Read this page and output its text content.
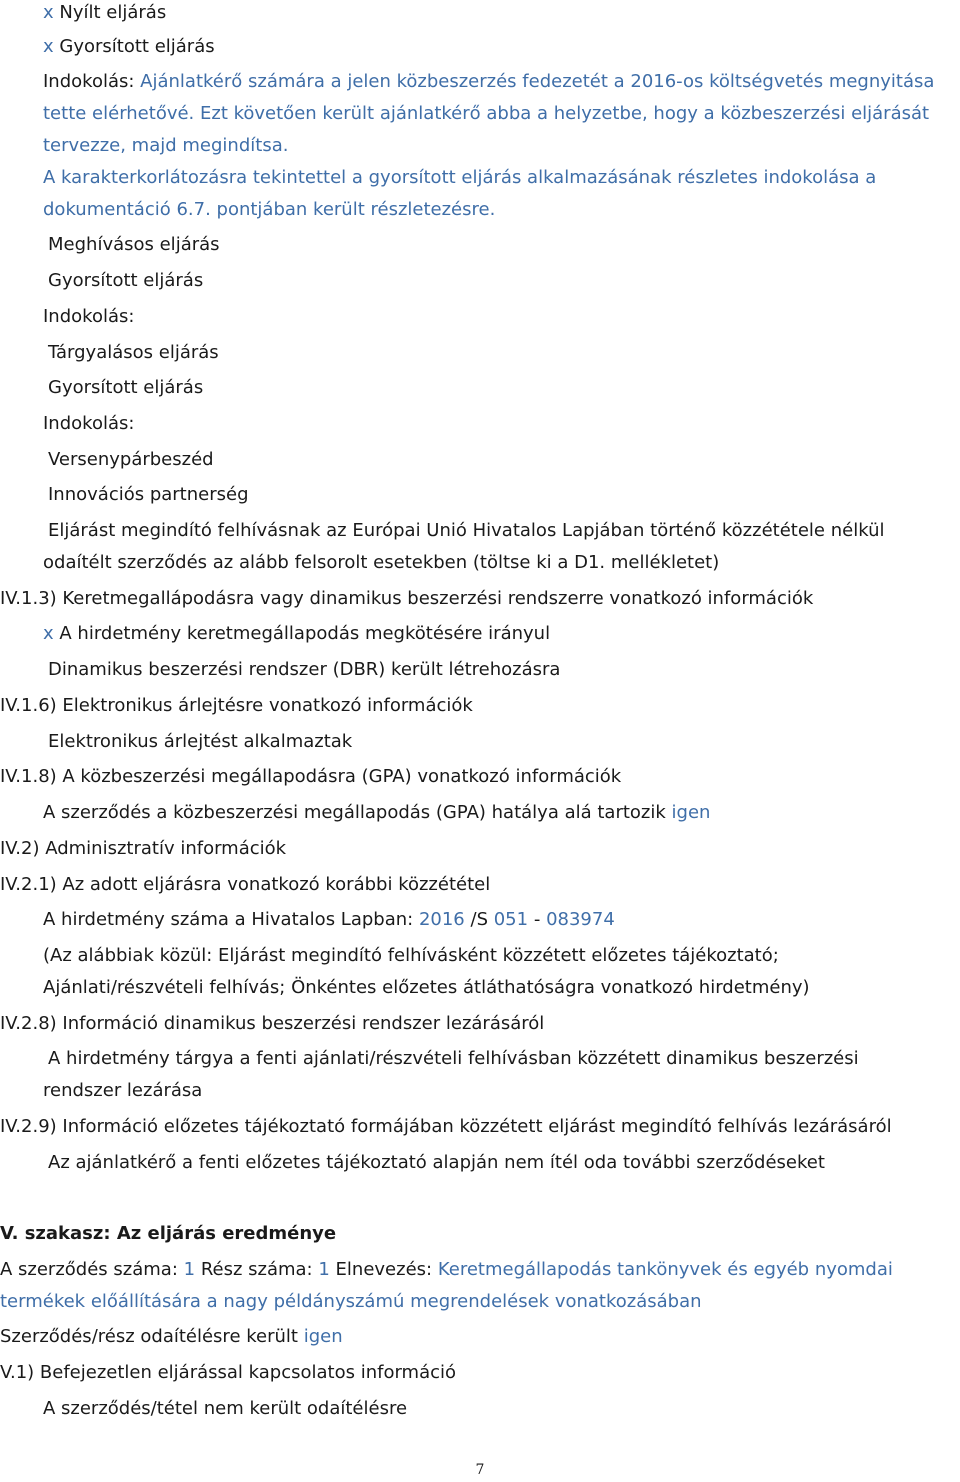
x Nyílt eljárás
x Gyorsított eljárás
Indokolás: Ajánlatkérő számára a jelen közbeszerzés fedezetét a 2016-os költségvetés megnyitása
tette elérhetővé. Ezt követően került ajánlatkérő abba a helyzetbe, hogy a közbeszerzési eljárását
tervezze, majd megindítsa.
A karakterkorlátozásra tekintettel a gyorsított eljárás alkalmazásának részletes indokolása a
dokumentáció 6.7. pontjában került részletezésre.
Meghívásos eljárás
Gyorsított eljárás
Indokolás:
Tárgyalásos eljárás
Gyorsított eljárás
Indokolás:
Versenypárbeszéd
Innovációs partnerség
Eljárást megindító felhívásnak az Európai Unió Hivatalos Lapjában történő közzététele nélkül
odaítélt szerződés az alább felsorolt esetekben (töltse ki a D1. mellékletet)
IV.1.3) Keretmegallápodásra vagy dinamikus beszerzési rendszerre vonatkozó információk
x A hirdetmény keretmegállapodás megkötésére irányul
Dinamikus beszerzési rendszer (DBR) került létrehozásra
IV.1.6) Elektronikus árlejtésre vonatkozó információk
Elektronikus árlejtést alkalmaztak
IV.1.8) A közbeszerzési megállapodásra (GPA) vonatkozó információk
A szerződés a közbeszerzési megállapodás (GPA) hatálya alá tartozik igen
IV.2) Adminisztratív információk
IV.2.1) Az adott eljárásra vonatkozó korábbi közzététel
A hirdetmény száma a Hivatalos Lapban: 2016 /S 051 - 083974
(Az alábbiak közül: Eljárást megindító felhívásként közzétett előzetes tájékoztató;
Ajánlati/részvételi felhívás; Önkéntes előzetes átláthatóságra vonatkozó hirdetmény)
IV.2.8) Információ dinamikus beszerzési rendszer lezárásáról
A hirdetmény tárgya a fenti ajánlati/részvételi felhívásban közzétett dinamikus beszerzési
rendszer lezárása
IV.2.9) Információ előzetes tájékoztató formájában közzétett eljárást megindító felhívás lezárásáról
Az ajánlatkérő a fenti előzetes tájékoztató alapján nem ítél oda további szerződéseket
V. szakasz: Az eljárás eredménye
A szerződés száma: 1 Rész száma: 1 Elnevezés: Keretmegállapodás tankönyvek és egyéb nyomdai
termékek előállítására a nagy példányszámú megrendelések vonatkozásában
Szerződés/rész odaítélésre került igen
V.1) Befejezetlen eljárással kapcsolatos információ
A szerződés/tétel nem került odaítélésre
7
